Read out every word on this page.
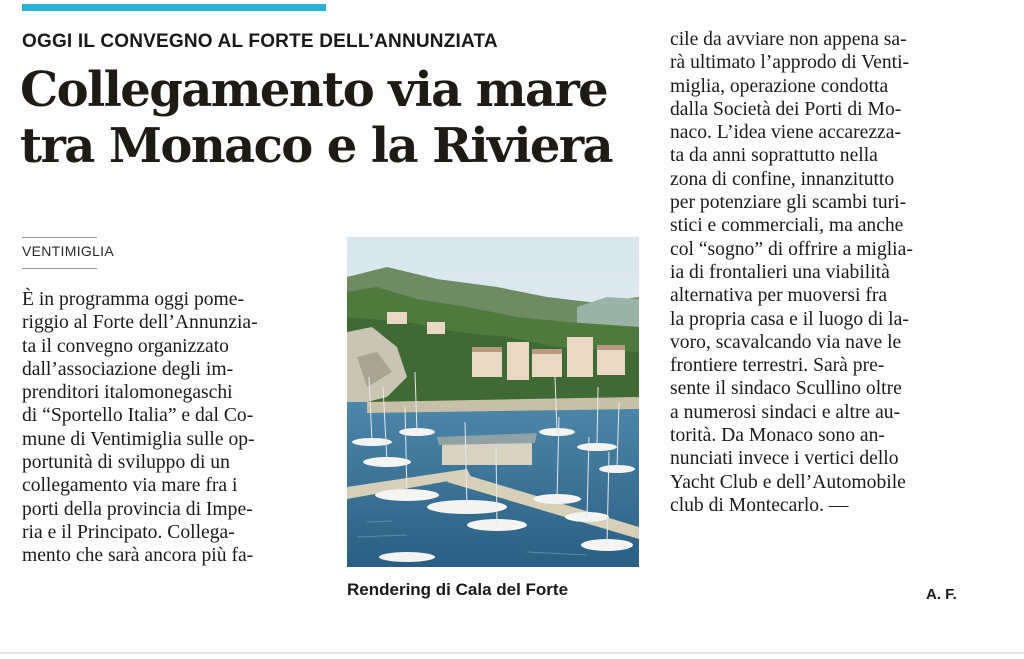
OGGI IL CONVEGNO AL FORTE DELL’ANNUNZIATA
Collegamento via mare
tra Monaco e la Riviera
VENTIMIGLIA
È in programma oggi pome-
riggio al Forte dell’Annunzia-
ta il convegno organizzato
dall’associazione degli im-
prenditori italomonegaschi
di “Sportello Italia” e dal Co-
mune di Ventimiglia sulle op-
portunità di sviluppo di un
collegamento via mare fra i
porti della provincia di Impe-
ria e il Principato. Collega-
mento che sarà ancora più fa-
Rendering di Cala del Forte
cile da avviare non appena sa-
rà ultimato l’approdo di Venti-
miglia, operazione condotta
dalla Società dei Porti di Mo-
naco. L’idea viene accarezza-
ta da anni soprattutto nella
zona di confine, innanzitutto
per potenziare gli scambi turi-
stici e commerciali, ma anche
col “sogno” di offrire a miglia-
ia di frontalieri una viabilità
alternativa per muoversi fra
la propria casa e il luogo di la-
voro, scavalcando via nave le
frontiere terrestri. Sarà pre-
sente il sindaco Scullino oltre
a numerosi sindaci e altre au-
torità. Da Monaco sono an-
nunciati invece i vertici dello
Yacht Club e dell’Automobile
club di Montecarlo. —
A. F.
